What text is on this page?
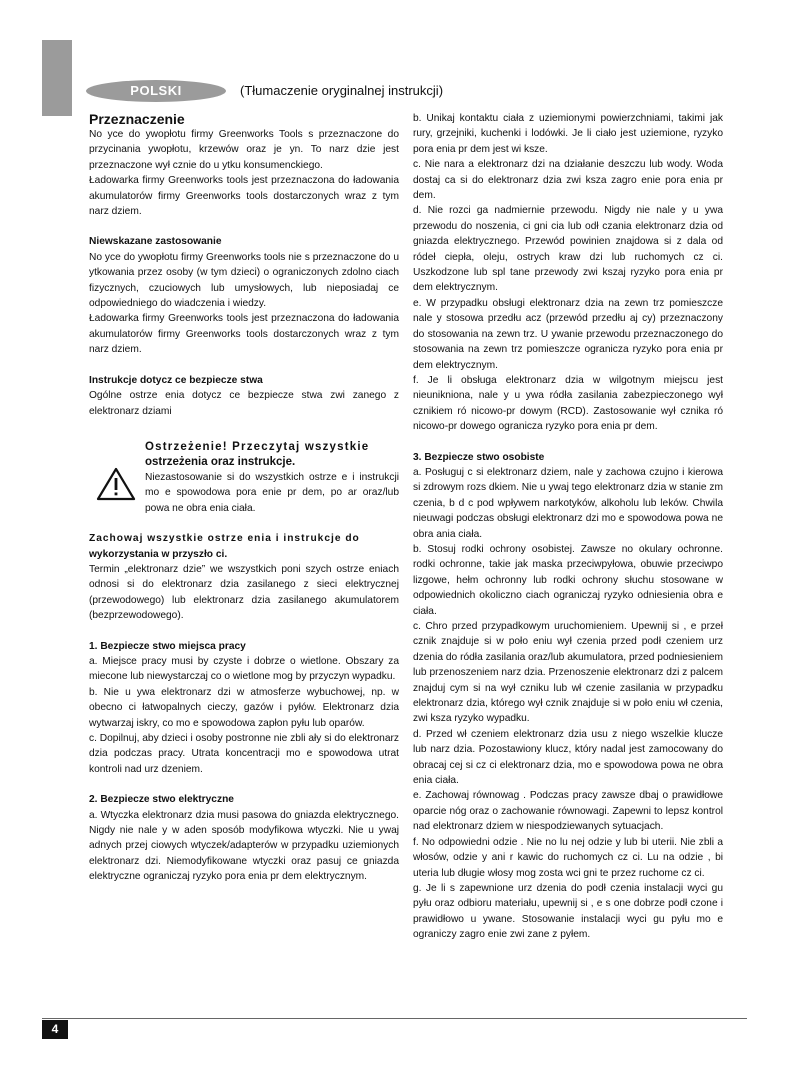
POLSKI	(Tłumaczenie oryginalnej instrukcji)

Przeznaczenie

No yce do ywopłotu firmy Greenworks Tools s przeznaczone do przycinania ywopłotu, krzewów oraz je yn. To narz dzie jest przeznaczone wył cznie do u ytku konsumenckiego.

Ładowarka firmy Greenworks tools jest przeznaczona do ładowania akumulatorów firmy Greenworks tools dostarczonych wraz z tym narz dziem.

Niewskazane zastosowanie

No yce do ywopłotu firmy Greenworks tools nie s przeznaczone do u ytkowania przez osoby (w tym dzieci) o ograniczonych zdolno ciach fizycznych, czuciowych lub umysłowych, lub nieposiadaj ce odpowiedniego do wiadczenia i wiedzy.

Ładowarka firmy Greenworks tools jest przeznaczona do ładowania akumulatorów firmy Greenworks tools dostarczonych wraz z tym narz dziem.

Instrukcje dotycz ce bezpiecze stwa

Ogólne ostrze enia dotycz ce bezpiecze stwa zwi zanego z elektronarz dziami

Ostrzeżenie! Przeczytaj wszystkie

ostrzeżenia oraz instrukcje.

Niezastosowanie si do wszystkich ostrze e i instrukcji mo e spowodowa pora enie pr dem, po ar oraz/lub powa ne obra enia ciała.

Zachowaj wszystkie ostrze enia i instrukcje do

wykorzystania w przyszło ci.

Termin „elektronarz dzie” we wszystkich poni szych ostrze eniach odnosi si do elektronarz dzia zasilanego z sieci elektrycznej (przewodowego) lub elektronarz dzia zasilanego akumulatorem (bezprzewodowego).

1. Bezpiecze stwo miejsca pracy

a. Miejsce pracy musi by czyste i dobrze o wietlone. Obszary za miecone lub niewystarczaj co o wietlone mog by przyczyn wypadku.

b. Nie u ywa elektronarz dzi w atmosferze wybuchowej, np. w obecno ci łatwopalnych cieczy, gazów i pyłów. Elektronarz dzia wytwarzaj iskry, co mo e spowodowa zapłon pyłu lub oparów.

c. Dopilnuj, aby dzieci i osoby postronne nie zbli ały si do elektronarz dzia podczas pracy. Utrata koncentracji mo e spowodowa utrat kontroli nad urz dzeniem.

2. Bezpiecze stwo elektryczne

a. Wtyczka elektronarz dzia musi pasowa do gniazda elektrycznego. Nigdy nie nale y w aden sposób modyfikowa wtyczki. Nie u ywaj adnych przej ciowych wtyczek/adapterów w przypadku uziemionych elektronarz dzi. Niemodyfikowane wtyczki oraz pasuj ce gniazda elektryczne ograniczaj ryzyko pora enia pr dem elektrycznym.

b. Unikaj kontaktu ciała z uziemionymi powierzchniami, takimi jak rury, grzejniki, kuchenki i lodówki. Je li ciało jest uziemione, ryzyko pora enia pr dem jest wi ksze.

c. Nie nara a elektronarz dzi na działanie deszczu lub wody. Woda dostaj ca si do elektronarz dzia zwi ksza zagro enie pora enia pr dem.

d. Nie rozci ga nadmiernie przewodu. Nigdy nie nale y u ywa przewodu do noszenia, ci gni cia lub odł czania elektronarz dzia od gniazda elektrycznego. Przewód powinien znajdowa si z dala od ródeł ciepła, oleju, ostrych kraw dzi lub ruchomych cz ci. Uszkodzone lub spl tane przewody zwi kszaj ryzyko pora enia pr dem elektrycznym.

e. W przypadku obsługi elektronarz dzia na zewn trz pomieszcze nale y stosowa przedłu acz (przewód przedłu aj cy) przeznaczony do stosowania na zewn trz. U ywanie przewodu przeznaczonego do stosowania na zewn trz pomieszcze ogranicza ryzyko pora enia pr dem elektrycznym.

f. Je li obsługa elektronarz dzia w wilgotnym miejscu jest nieunikniona, nale y u ywa ródła zasilania zabezpieczonego wył cznikiem ró nicowo-pr dowym (RCD). Zastosowanie wył cznika ró nicowo-pr dowego ogranicza ryzyko pora enia pr dem.

3. Bezpiecze stwo osobiste

a. Posługuj c si elektronarz dziem, nale y zachowa czujno i kierowa si zdrowym rozs dkiem. Nie u ywaj tego elektronarz dzia w stanie zm czenia, b d c pod wpływem narkotyków, alkoholu lub leków. Chwila nieuwagi podczas obsługi elektronarz dzi mo e spowodowa powa ne obra ania ciała.

b. Stosuj rodki ochrony osobistej. Zawsze no okulary ochronne. rodki ochronne, takie jak maska przeciwpyłowa, obuwie przeciwpo lizgowe, hełm ochronny lub rodki ochrony słuchu stosowane w odpowiednich okoliczno ciach ograniczaj ryzyko odniesienia obra e ciała.

c. Chro przed przypadkowym uruchomieniem. Upewnij si , e przeł cznik znajduje si w poło eniu wył czenia przed podł czeniem urz dzenia do ródła zasilania oraz/lub akumulatora, przed podniesieniem lub przenoszeniem narz dzia. Przenoszenie elektronarz dzi z palcem znajduj cym si na wył czniku lub wł czenie zasilania w przypadku elektronarz dzia, którego wył cznik znajduje si w poło eniu wł czenia, zwi ksza ryzyko wypadku.

d. Przed wł czeniem elektronarz dzia usu z niego wszelkie klucze lub narz dzia. Pozostawiony klucz, który nadal jest zamocowany do obracaj cej si cz ci elektronarz dzia, mo e spowodowa powa ne obra enia ciała.

e. Zachowaj równowag . Podczas pracy zawsze dbaj o prawidłowe oparcie nóg oraz o zachowanie równowagi. Zapewni to lepsz kontrol nad elektronarz dziem w niespodziewanych sytuacjach.

f. No odpowiedni odzie . Nie no lu nej odzie y lub bi uterii. Nie zbli a włosów, odzie y ani r kawic do ruchomych cz ci. Lu na odzie , bi uteria lub długie włosy mog zosta wci gni te przez ruchome cz ci.

g. Je li s zapewnione urz dzenia do podł czenia instalacji wyci gu pyłu oraz odbioru materiału, upewnij si , e s one dobrze podł czone i prawidłowo u ywane. Stosowanie instalacji wyci gu pyłu mo e ograniczy zagro enie zwi zane z pyłem.

4
